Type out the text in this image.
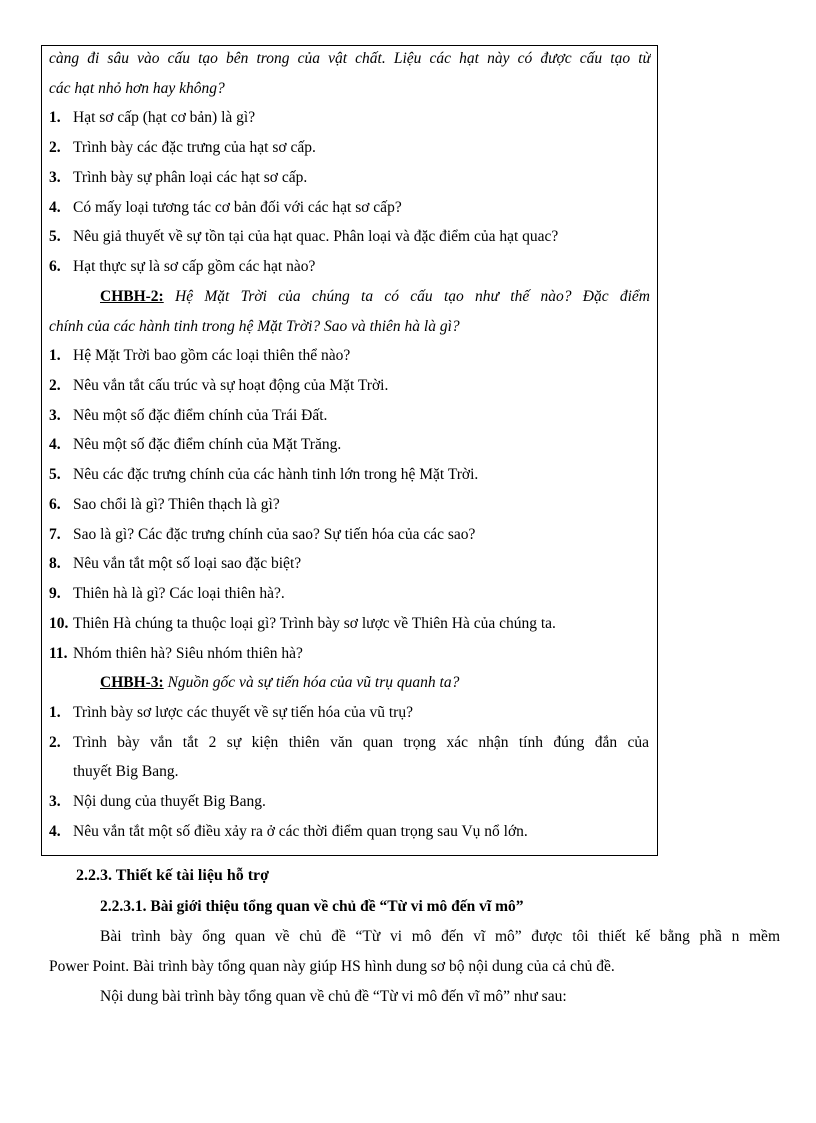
càng đi sâu vào cấu tạo bên trong của vật chất. Liệu các hạt này có được cấu tạo từ
các hạt nhỏ hơn hay không?
1. Hạt sơ cấp (hạt cơ bản) là gì?
2. Trình bày các đặc trưng của hạt sơ cấp.
3. Trình bày sự phân loại các hạt sơ cấp.
4. Có mấy loại tương tác cơ bản đối với các hạt sơ cấp?
5. Nêu giả thuyết về sự tồn tại của hạt quac. Phân loại và đặc điểm của hạt quac?
6. Hạt thực sự là sơ cấp gồm các hạt nào?
CHBH-2: Hệ Mặt Trời của chúng ta có cấu tạo như thế nào? Đặc điểm
chính của các hành tinh trong hệ Mặt Trời? Sao và thiên hà là gì?
1. Hệ Mặt Trời bao gồm các loại thiên thể nào?
2. Nêu vắn tắt cấu trúc và sự hoạt động của Mặt Trời.
3. Nêu một số đặc điểm chính của Trái Đất.
4. Nêu một số đặc điểm chính của Mặt Trăng.
5. Nêu các đặc trưng chính của các hành tinh lớn trong hệ Mặt Trời.
6. Sao chổi là gì? Thiên thạch là gì?
7. Sao là gì? Các đặc trưng chính của sao? Sự tiến hóa của các sao?
8. Nêu vắn tắt một số loại sao đặc biệt?
9. Thiên hà là gì? Các loại thiên hà?.
10. Thiên Hà chúng ta thuộc loại gì? Trình bày sơ lược về Thiên Hà của chúng ta.
11. Nhóm thiên hà? Siêu nhóm thiên hà?
CHBH-3: Nguồn gốc và sự tiến hóa của vũ trụ quanh ta?
1. Trình bày sơ lược các thuyết về sự tiến hóa của vũ trụ?
2. Trình bày vắn tắt 2 sự kiện thiên văn quan trọng xác nhận tính đúng đắn của
thuyết Big Bang.
3. Nội dung của thuyết Big Bang.
4. Nêu vắn tắt một số điều xảy ra ở các thời điểm quan trọng sau Vụ nổ lớn.
2.2.3. Thiết kế tài liệu hỗ trợ
2.2.3.1. Bài giới thiệu tổng quan về chủ đề “Từ vi mô đến vĩ mô”
Bài trình bày ổng quan về chủ đề “Từ vi mô đến vĩ mô” được tôi thiết kế bằng phầ n mềm
Power Point. Bài trình bày tổng quan này giúp HS hình dung sơ bộ nội dung của cả chủ đề.
Nội dung bài trình bày tổng quan về chủ đề “Từ vi mô đến vĩ mô” như sau:
